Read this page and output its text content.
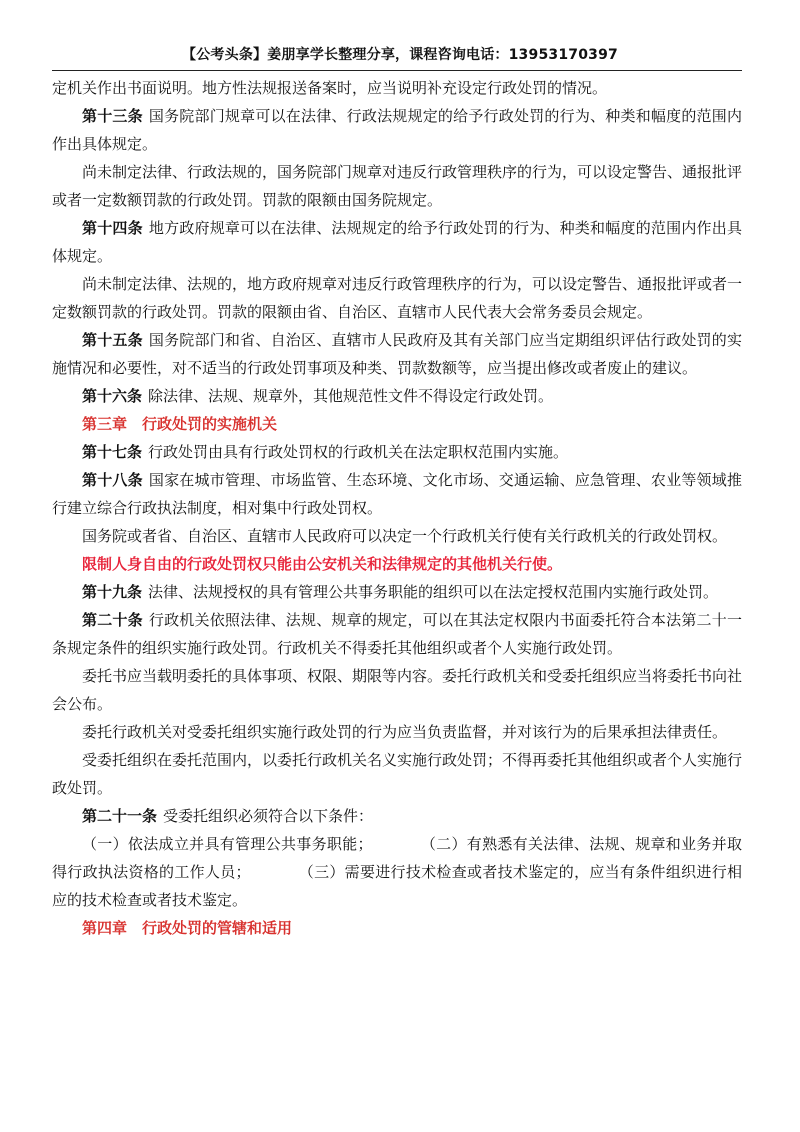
【公考头条】姜朋享学长整理分享，课程咨询电话：13953170397

定机关作出书面说明。地方性法规报送备案时，应当说明补充设定行政处罚的情况。

第十三条 国务院部门规章可以在法律、行政法规规定的给予行政处罚的行为、种类和幅度的范围内作出具体规定。

尚未制定法律、行政法规的，国务院部门规章对违反行政管理秩序的行为，可以设定警告、通报批评或者一定数额罚款的行政处罚。罚款的限额由国务院规定。

第十四条 地方政府规章可以在法律、法规规定的给予行政处罚的行为、种类和幅度的范围内作出具体规定。

尚未制定法律、法规的，地方政府规章对违反行政管理秩序的行为，可以设定警告、通报批评或者一定数额罚款的行政处罚。罚款的限额由省、自治区、直辖市人民代表大会常务委员会规定。

第十五条 国务院部门和省、自治区、直辖市人民政府及其有关部门应当定期组织评估行政处罚的实施情况和必要性，对不适当的行政处罚事项及种类、罚款数额等，应当提出修改或者废止的建议。

第十六条 除法律、法规、规章外，其他规范性文件不得设定行政处罚。

第三章　行政处罚的实施机关

第十七条 行政处罚由具有行政处罚权的行政机关在法定职权范围内实施。

第十八条 国家在城市管理、市场监管、生态环境、文化市场、交通运输、应急管理、农业等领域推行建立综合行政执法制度，相对集中行政处罚权。

国务院或者省、自治区、直辖市人民政府可以决定一个行政机关行使有关行政机关的行政处罚权。

限制人身自由的行政处罚权只能由公安机关和法律规定的其他机关行使。

第十九条 法律、法规授权的具有管理公共事务职能的组织可以在法定授权范围内实施行政处罚。

第二十条 行政机关依照法律、法规、规章的规定，可以在其法定权限内书面委托符合本法第二十一条规定条件的组织实施行政处罚。行政机关不得委托其他组织或者个人实施行政处罚。

委托书应当载明委托的具体事项、权限、期限等内容。委托行政机关和受委托组织应当将委托书向社会公布。

委托行政机关对受委托组织实施行政处罚的行为应当负责监督，并对该行为的后果承担法律责任。

受委托组织在委托范围内，以委托行政机关名义实施行政处罚；不得再委托其他组织或者个人实施行政处罚。

第二十一条 受委托组织必须符合以下条件：

（一）依法成立并具有管理公共事务职能；	（二）有熟悉有关法律、法规、规章和业务并取得行政执法资格的工作人员；	（三）需要进行技术检查或者技术鉴定的，应当有条件组织进行相应的技术检查或者技术鉴定。

第四章　行政处罚的管辖和适用
